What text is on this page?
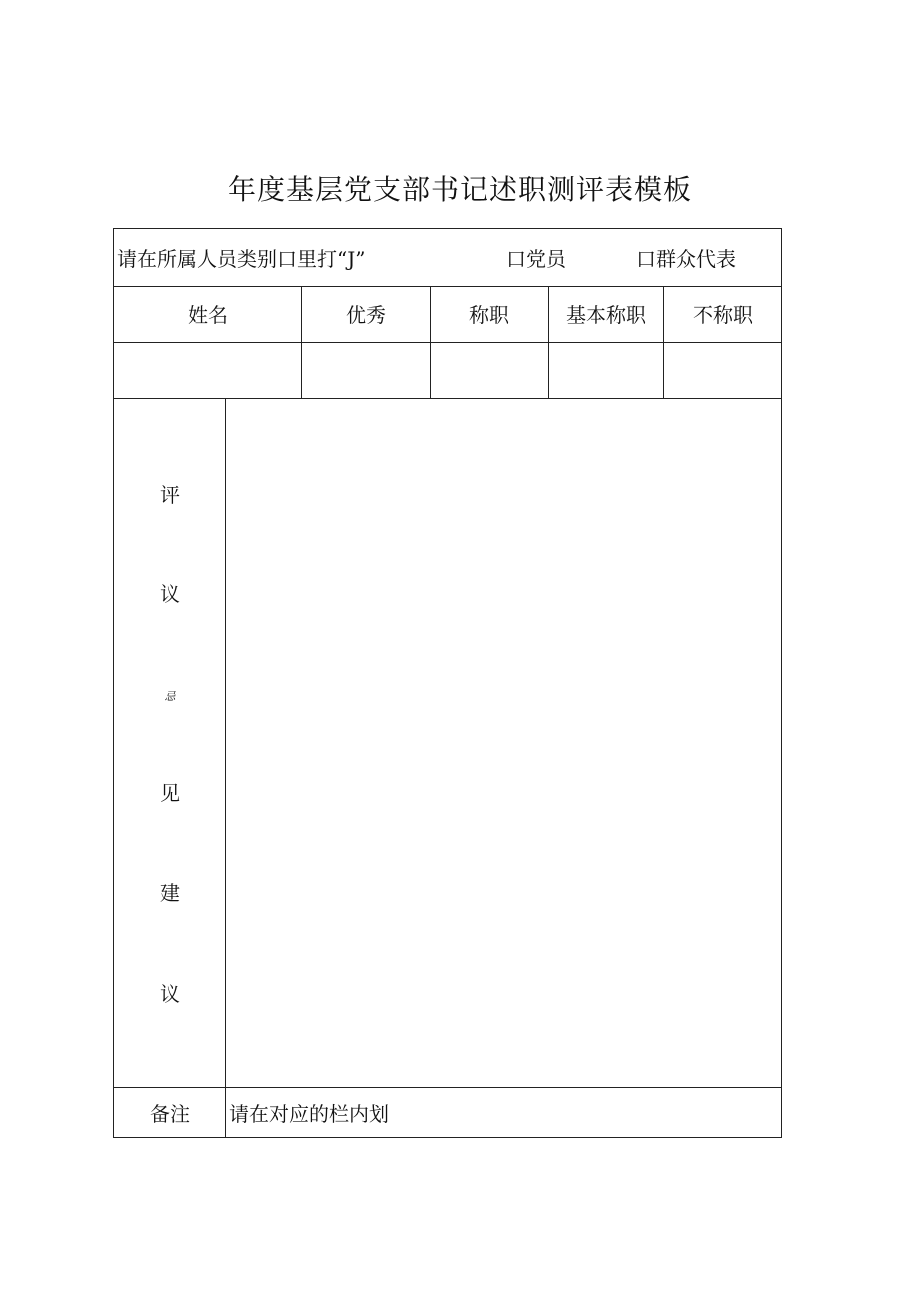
年度基层党支部书记述职测评表模板
请在所属人员类别口里打“J”	口党员	口群众代表
姓名	优秀	称职	基本称职 不称职
评
议
忌
见
建
议
备注 请在对应的栏内划
